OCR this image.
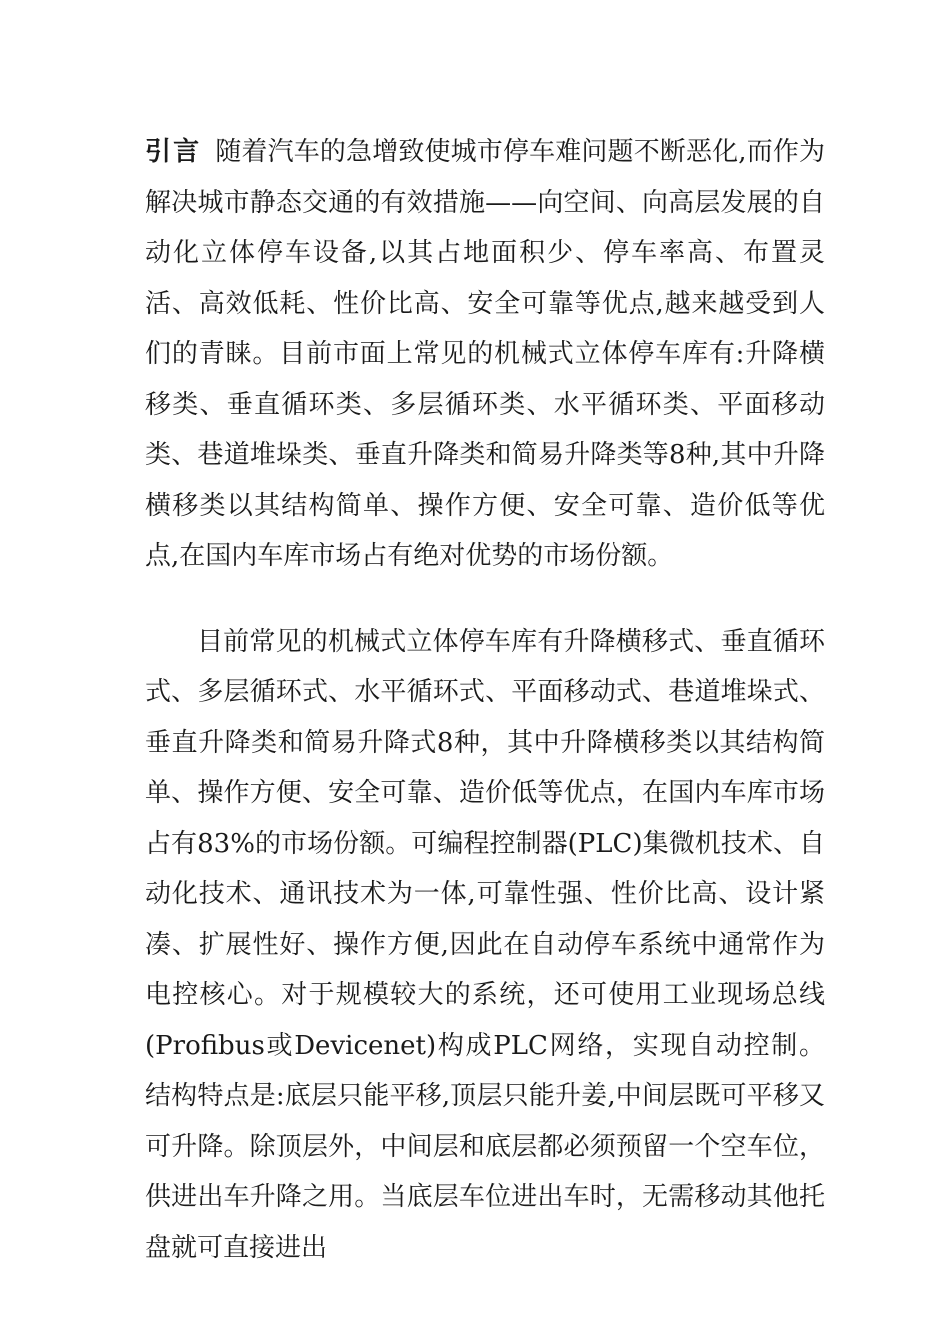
引言 随着汽车的急增致使城市停车难问题不断恶化,而作为解决城市静态交通的有效措施——向空间、向高层发展的自动化立体停车设备,以其占地面积少、停车率高、布置灵活、高效低耗、性价比高、安全可靠等优点,越来越受到人们的青睐。目前市面上常见的机械式立体停车库有:升降横移类、垂直循环类、多层循环类、水平循环类、平面移动类、巷道堆垛类、垂直升降类和简易升降类等8种,其中升降横移类以其结构简单、操作方便、安全可靠、造价低等优点,在国内车库市场占有绝对优势的市场份额。

目前常见的机械式立体停车库有升降横移式、垂直循环式、多层循环式、水平循环式、平面移动式、巷道堆垛式、垂直升降类和简易升降式8种，其中升降横移类以其结构简单、操作方便、安全可靠、造价低等优点，在国内车库市场占有83%的市场份额。可编程控制器(PLC)集微机技术、自动化技术、通讯技术为一体,可靠性强、性价比高、设计紧凑、扩展性好、操作方便,因此在自动停车系统中通常作为电控核心。对于规模较大的系统，还可使用工业现场总线(Profibus或Devicenet)构成PLC网络，实现自动控制。结构特点是:底层只能平移,顶层只能升姜,中间层既可平移又可升降。除顶层外，中间层和底层都必须预留一个空车位，供进出车升降之用。当底层车位进出车时，无需移动其他托盘就可直接进出
